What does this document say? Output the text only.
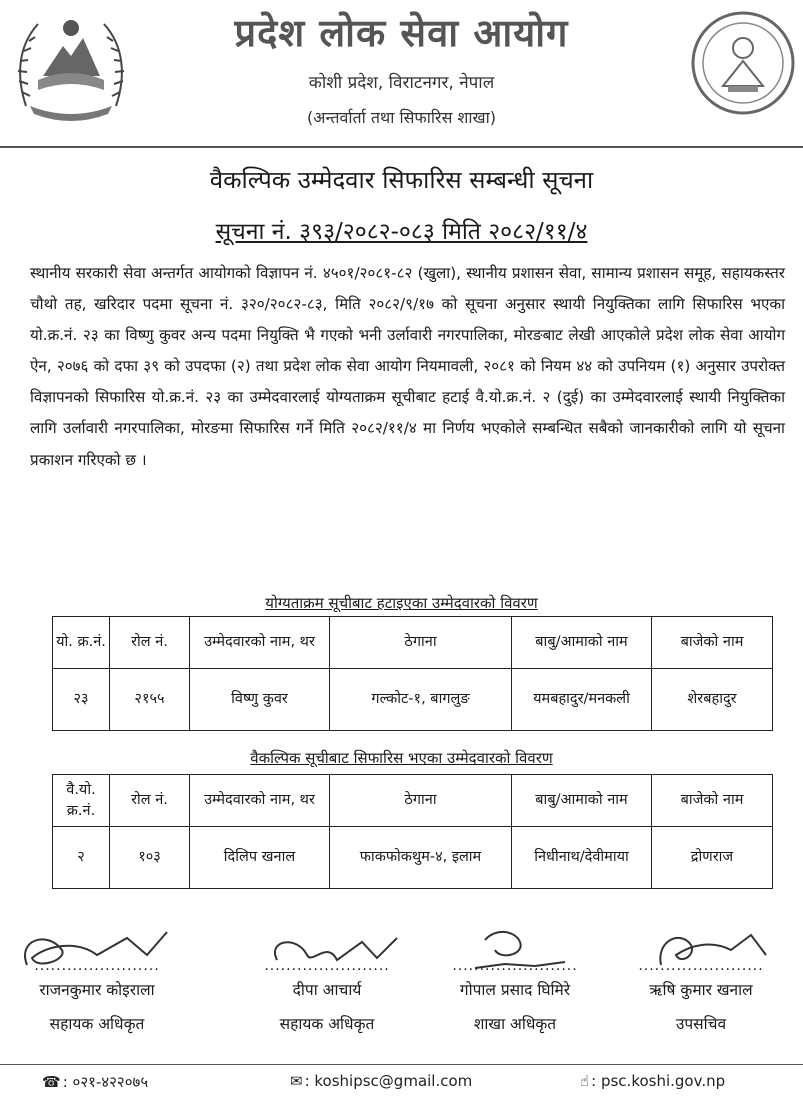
प्रदेश लोक सेवा आयोग
कोशी प्रदेश, विराटनगर, नेपाल
(अन्तर्वार्ता तथा सिफारिस शाखा)
वैकल्पिक उम्मेदवार सिफारिस सम्बन्धी सूचना
सूचना नं. ३९३/२०८२-०८३ मिति २०८२/११/४
स्थानीय सरकारी सेवा अन्तर्गत आयोगको विज्ञापन नं. ४५०१/२०८१-८२ (खुला), स्थानीय प्रशासन सेवा, सामान्य प्रशासन समूह, सहायकस्तर चौथो तह, खरिदार पदमा सूचना नं. ३२०/२०८२-८३, मिति २०८२/९/१७ को सूचना अनुसार स्थायी नियुक्तिका लागि सिफारिस भएका यो.क्र.नं. २३ का विष्णु कुवर अन्य पदमा नियुक्ति भै गएको भनी उर्लावारी नगरपालिका, मोरङबाट लेखी आएकोले प्रदेश लोक सेवा आयोग ऐन, २०७६ को दफा ३९ को उपदफा (२) तथा प्रदेश लोक सेवा आयोग नियमावली, २०८१ को नियम ४४ को उपनियम (१) अनुसार उपरोक्त विज्ञापनको सिफारिस यो.क्र.नं. २३ का उम्मेदवारलाई योग्यताक्रम सूचीबाट हटाई वै.यो.क्र.नं. २ (दुई) का उम्मेदवारलाई स्थायी नियुक्तिका लागि उर्लावारी नगरपालिका, मोरङमा सिफारिस गर्ने मिति २०८२/११/४ मा निर्णय भएकोले सम्बन्धित सबैको जानकारीको लागि यो सूचना प्रकाशन गरिएको छ ।
योग्यताक्रम सूचीबाट हटाइएका उम्मेदवारको विवरण
यो. क्र.नं.	रोल नं.	उम्मेदवारको नाम, थर	ठेगाना	बाबु/आमाको नाम	बाजेको नाम
२३	२१५५	विष्णु कुवर	गल्कोट-१, बागलुङ	यमबहादुर/मनकली	शेरबहादुर
वैकल्पिक सूचीबाट सिफारिस भएका उम्मेदवारको विवरण
वै.यो. क्र.नं.	रोल नं.	उम्मेदवारको नाम, थर	ठेगाना	बाबु/आमाको नाम	बाजेको नाम
२	१०३	दिलिप खनाल	फाकफोकथुम-४, इलाम	निधीनाथ/देवीमाया	द्रोणराज
.......................
राजनकुमार कोइराला
सहायक अधिकृत
.......................
दीपा आचार्य
सहायक अधिकृत
.......................
गोपाल प्रसाद घिमिरे
शाखा अधिकृत
.......................
ऋषि कुमार खनाल
उपसचिव
☎ : ०२१-४२२०७५	✉ : koshipsc@gmail.com	☝ : psc.koshi.gov.np
